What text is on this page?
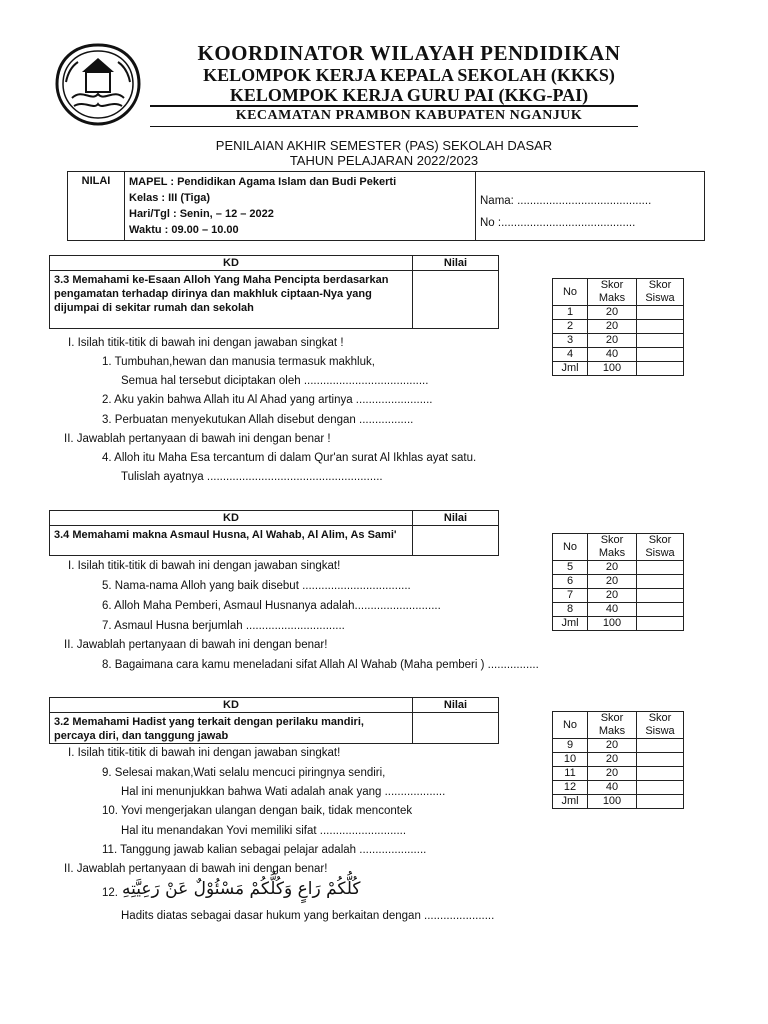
KOORDINATOR WILAYAH PENDIDIKAN
KELOMPOK KERJA KEPALA SEKOLAH (KKKS)
KELOMPOK KERJA GURU PAI (KKG-PAI)
KECAMATAN PRAMBON KABUPATEN NGANJUK
PENILAIAN AKHIR SEMESTER (PAS) SEKOLAH DASAR
TAHUN PELAJARAN 2022/2023
NILAI	MAPEL : Pendidikan Agama Islam dan Budi Pekerti
Kelas : III (Tiga)
Hari/Tgl : Senin, – 12 – 2022
Waktu : 09.00 – 10.00

Nama: ..........................................
No :..........................................
KD	Nilai
3.3 Memahami ke-Esaan Alloh Yang Maha Pencipta berdasarkan pengamatan terhadap dirinya dan makhluk ciptaan-Nya yang dijumpai di sekitar rumah dan sekolah	
No	Skor Maks	Skor Siswa
1	20	
2	20	
3	20	
4	40	
Jml	100	
I. Isilah titik-titik di bawah ini dengan jawaban singkat !
1. Tumbuhan,hewan dan manusia termasuk makhluk,
Semua hal tersebut diciptakan oleh .......................................
2. Aku yakin bahwa Allah itu Al Ahad yang artinya ........................
3. Perbuatan menyekutukan Allah disebut dengan .................
II. Jawablah pertanyaan di bawah ini dengan benar !
4. Alloh itu Maha Esa tercantum di dalam Qur'an surat Al Ikhlas ayat satu.
Tulislah ayatnya .......................................................
KD	Nilai
3.4 Memahami makna Asmaul Husna, Al Wahab, Al Alim, As Sami'	
No	Skor Maks	Skor Siswa
5	20	
6	20	
7	20	
8	40	
Jml	100	
I. Isilah titik-titik di bawah ini dengan jawaban singkat!
5. Nama-nama Alloh yang baik disebut ..................................
6. Alloh Maha Pemberi, Asmaul Husnanya adalah...........................
7. Asmaul Husna berjumlah ...............................
II. Jawablah pertanyaan di bawah ini dengan benar!
8. Bagaimana cara kamu meneladani sifat Allah Al Wahab (Maha pemberi ) ................
KD	Nilai
3.2 Memahami Hadist yang terkait dengan perilaku mandiri, percaya diri, dan tanggung jawab	
No	Skor Maks	Skor Siswa
9	20	
10	20	
11	20	
12	40	
Jml	100	
I. Isilah titik-titik di bawah ini dengan jawaban singkat!
9. Selesai makan,Wati selalu mencuci piringnya sendiri,
Hal ini menunjukkan bahwa Wati adalah anak yang ...................
10. Yovi mengerjakan ulangan dengan baik, tidak mencontek
Hal itu menandakan Yovi memiliki sifat ...........................
11. Tanggung jawab kalian sebagai pelajar adalah .....................
II. Jawablah pertanyaan di bawah ini dengan benar!
12. كُلُّكُمْ رَاعٍ وَكُلُّكُمْ مَسْئُوْلٌ عَنْ رَعِيَّتِهِ
Hadits diatas sebagai dasar hukum yang berkaitan dengan ......................
